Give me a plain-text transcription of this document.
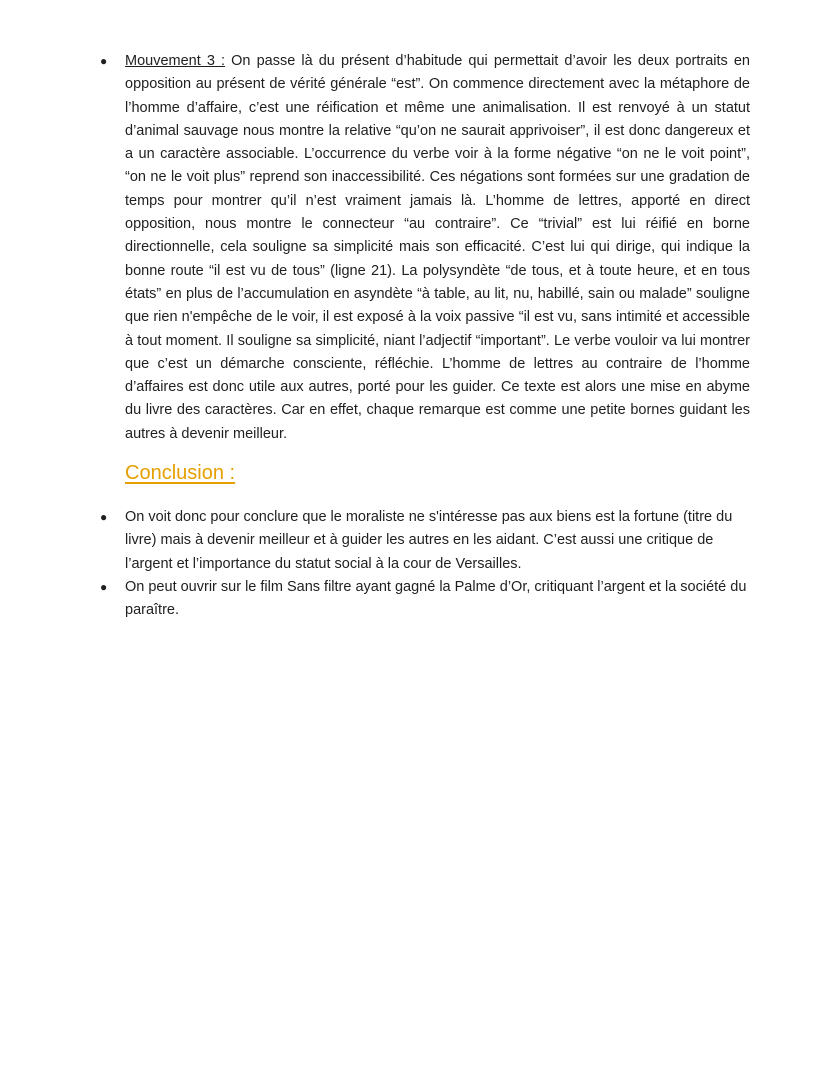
● Mouvement 3 : On passe là du présent d’habitude qui permettait d’avoir les deux portraits en opposition au présent de vérité générale “est”. On commence directement avec la métaphore de l’homme d’affaire, c’est une réification et même une animalisation. Il est renvoyé à un statut d’animal sauvage nous montre la relative “qu’on ne saurait apprivoiser”, il est donc dangereux et a un caractère associable. L’occurrence du verbe voir à la forme négative “on ne le voit point”, “on ne le voit plus” reprend son inaccessibilité. Ces négations sont formées sur une gradation de temps pour montrer qu’il n’est vraiment jamais là. L’homme de lettres, apporté en direct opposition, nous montre le connecteur “au contraire”. Ce “trivial” est lui réifié en borne directionnelle, cela souligne sa simplicité mais son efficacité. C’est lui qui dirige, qui indique la bonne route “il est vu de tous” (ligne 21). La polysyndète “de tous, et à toute heure, et en tous états” en plus de l’accumulation en asyndète “à table, au lit, nu, habillé, sain ou malade” souligne que rien n'empêche de le voir, il est exposé à la voix passive “il est vu, sans intimité et accessible à tout moment. Il souligne sa simplicité, niant l’adjectif “important”. Le verbe vouloir va lui montrer que c’est un démarche consciente, réfléchie. L’homme de lettres au contraire de l’homme d’affaires est donc utile aux autres, porté pour les guider. Ce texte est alors une mise en abyme du livre des caractères. Car en effet, chaque remarque est comme une petite bornes guidant les autres à devenir meilleur.
Conclusion :
● On voit donc pour conclure que le moraliste ne s'intéresse pas aux biens est la fortune (titre du livre) mais à devenir meilleur et à guider les autres en les aidant. C’est aussi une critique de l’argent et l’importance du statut social à la cour de Versailles.
● On peut ouvrir sur le film Sans filtre ayant gagné la Palme d’Or, critiquant l’argent et la société du paraître.
